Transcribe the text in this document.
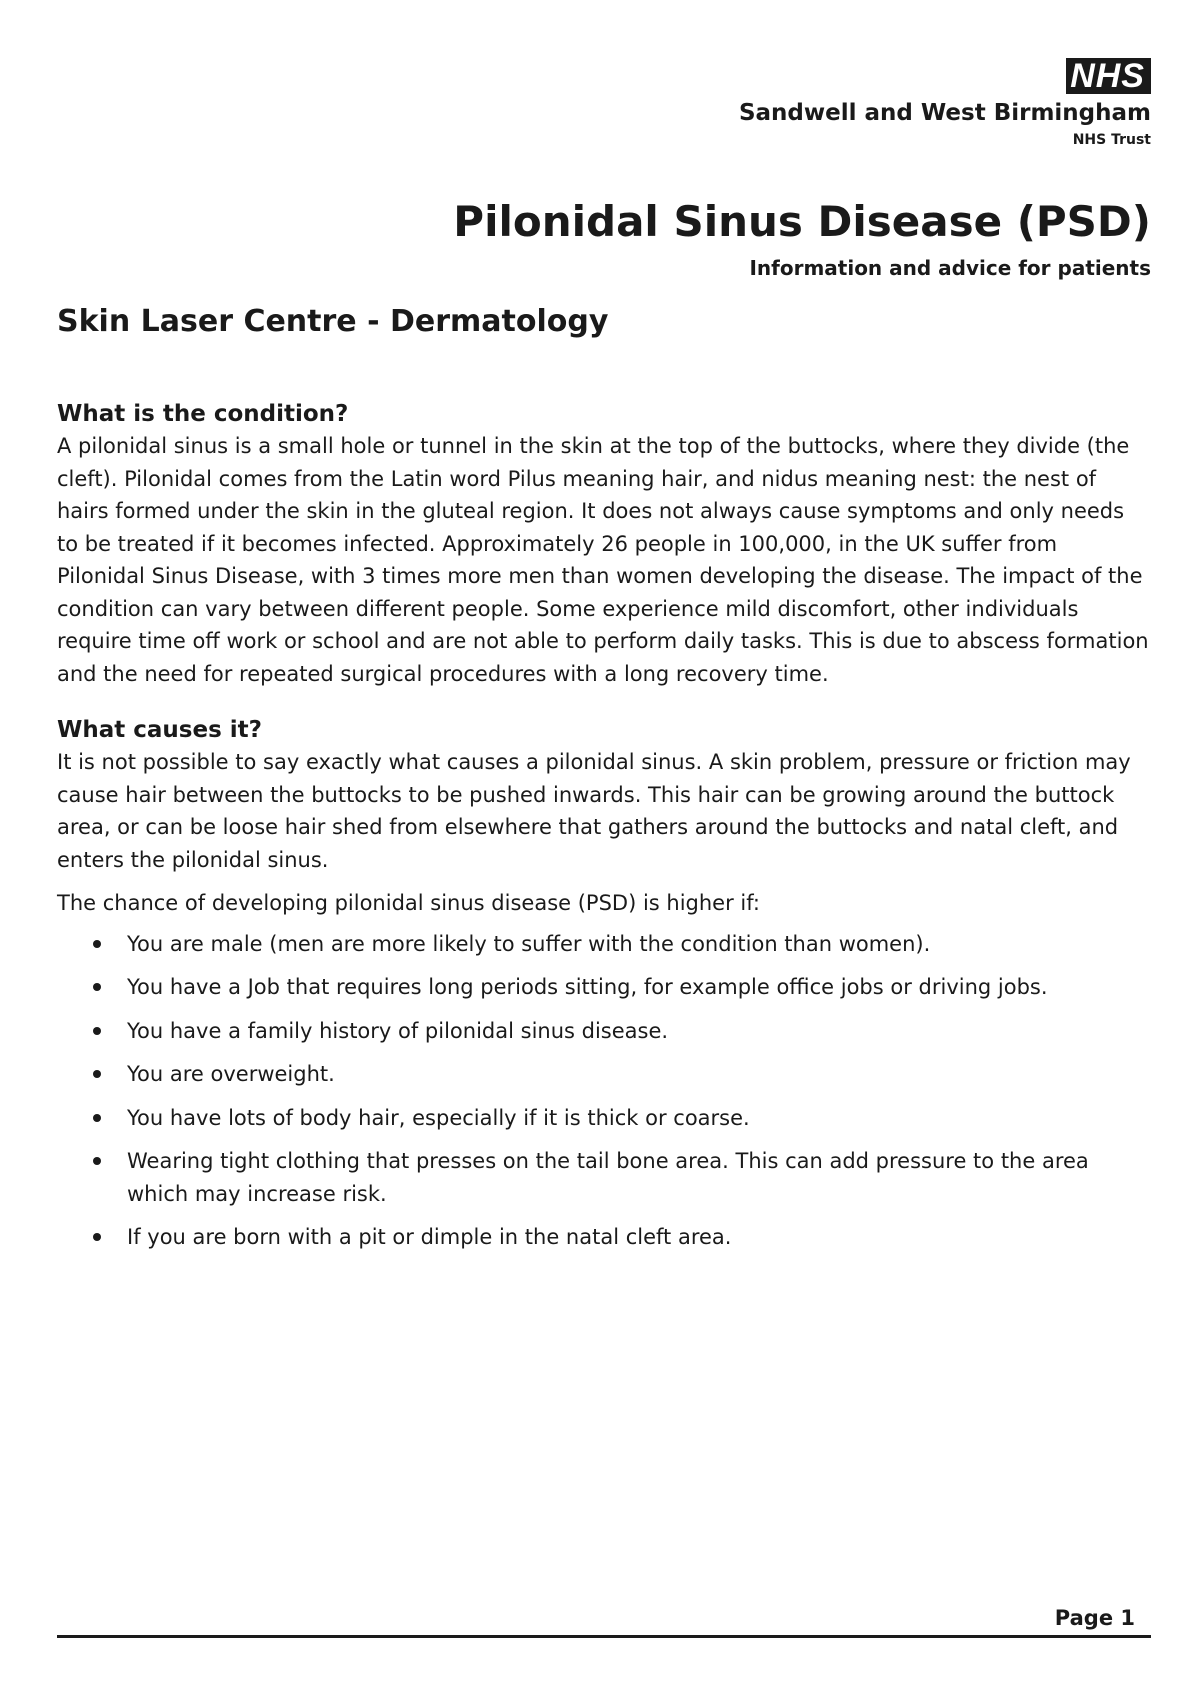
NHS
Sandwell and West Birmingham
NHS Trust
Pilonidal Sinus Disease (PSD)
Information and advice for patients
Skin Laser Centre - Dermatology
What is the condition?

A pilonidal sinus is a small hole or tunnel in the skin at the top of the buttocks, where they divide (the cleft). Pilonidal comes from the Latin word Pilus meaning hair, and nidus meaning nest: the nest of hairs formed under the skin in the gluteal region. It does not always cause symptoms and only needs to be treated if it becomes infected. Approximately 26 people in 100,000, in the UK suffer from Pilonidal Sinus Disease, with 3 times more men than women developing the disease. The impact of the condition can vary between different people. Some experience mild discomfort, other individuals require time off work or school and are not able to perform daily tasks. This is due to abscess formation and the need for repeated surgical procedures with a long recovery time.

What causes it?

It is not possible to say exactly what causes a pilonidal sinus. A skin problem, pressure or friction may cause hair between the buttocks to be pushed inwards. This hair can be growing around the buttock area, or can be loose hair shed from elsewhere that gathers around the buttocks and natal cleft, and enters the pilonidal sinus.

The chance of developing pilonidal sinus disease (PSD) is higher if:

You are male (men are more likely to suffer with the condition than women).
You have a Job that requires long periods sitting, for example office jobs or driving jobs.
You have a family history of pilonidal sinus disease.
You are overweight.
You have lots of body hair, especially if it is thick or coarse.
Wearing tight clothing that presses on the tail bone area. This can add pressure to the area which may increase risk.
If you are born with a pit or dimple in the natal cleft area.
Page 1
